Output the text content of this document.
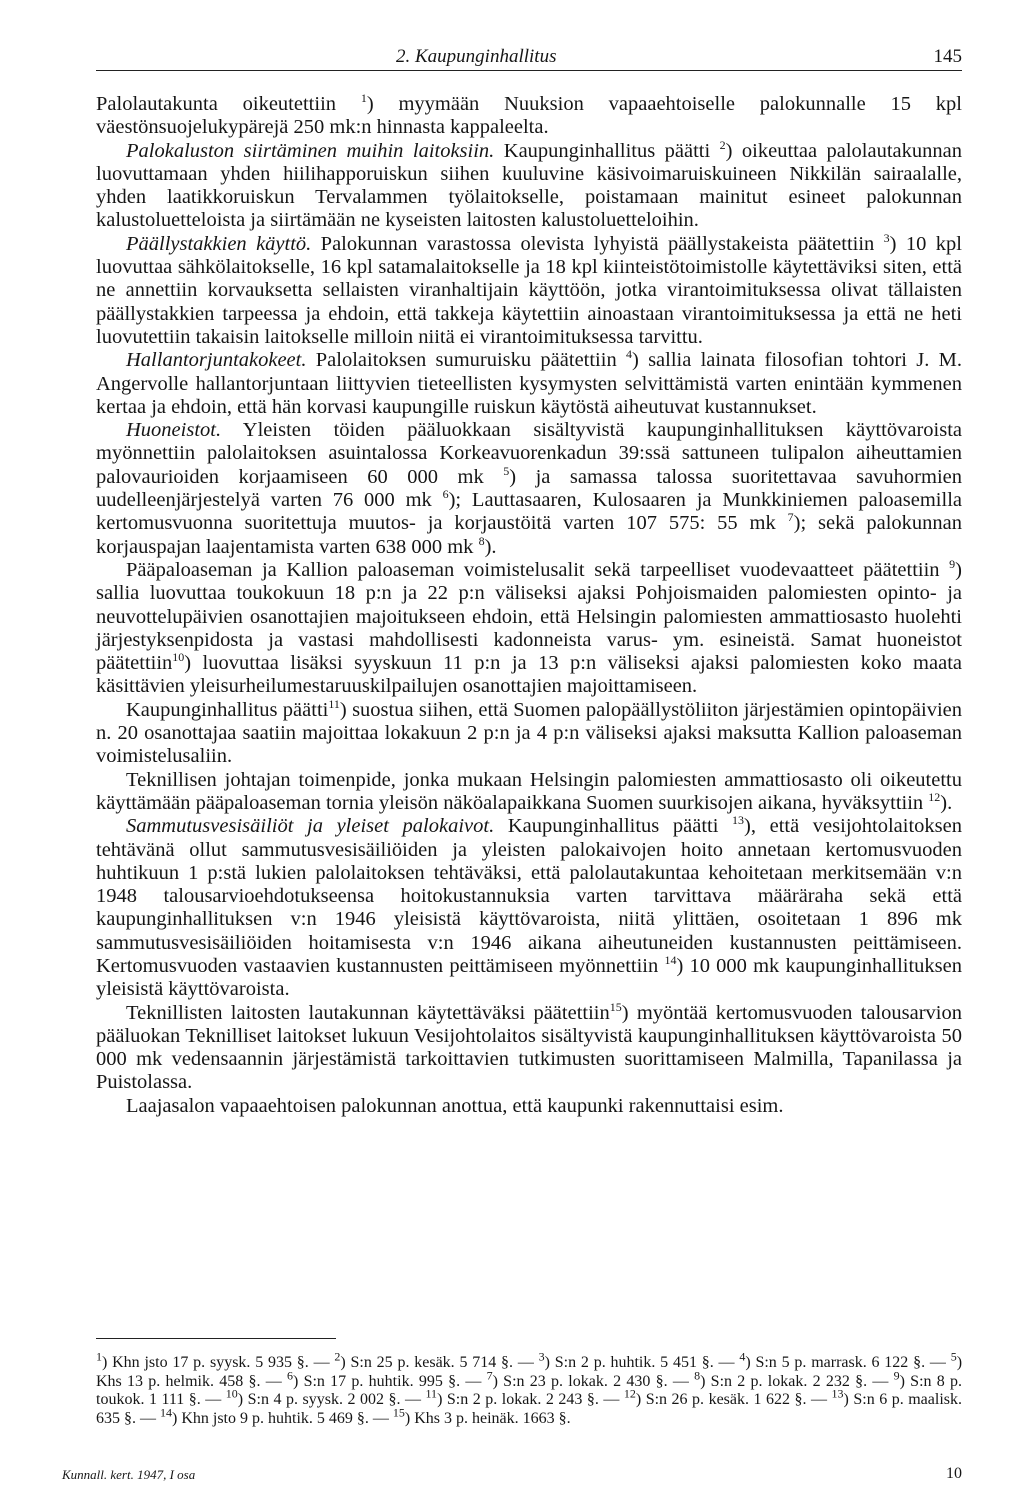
2. Kaupunginhallitus	145

Palolautakunta oikeutettiin $^1$) myymään Nuuksion vapaaehtoiselle palokunnalle 15 kpl väestönsuojelukypärejä 250 mk:n hinnasta kappaleelta.

Palokaluston siirtäminen muihin laitoksiin. Kaupunginhallitus päätti $^2$) oikeuttaa palolautakunnan luovuttamaan yhden hiilihapporuiskun siihen kuuluvine käsivoimaruiskuineen Nikkilän sairaalalle, yhden laatikkoruiskun Tervalammen työlaitokselle, poistamaan mainitut esineet palokunnan kalustoluetteloista ja siirtämään ne kyseisten laitosten kalustoluetteloihin.

Päällystakkien käyttö. Palokunnan varastossa olevista lyhyistä päällystakeista päätettiin $^3$) 10 kpl luovuttaa sähkölaitokselle, 16 kpl satamalaitokselle ja 18 kpl kiinteistötoimistolle käytettäviksi siten, että ne annettiin korvauksetta sellaisten viranhaltijain käyttöön, jotka virantoimituksessa olivat tällaisten päällystakkien tarpeessa ja ehdoin, että takkeja käytettiin ainoastaan virantoimituksessa ja että ne heti luovutettiin takaisin laitokselle milloin niitä ei virantoimituksessa tarvittu.

Hallantorjuntakokeet. Palolaitoksen sumuruisku päätettiin $^4$) sallia lainata filosofian tohtori J. M. Angervolle hallantorjuntaan liittyvien tieteellisten kysymysten selvittämistä varten enintään kymmenen kertaa ja ehdoin, että hän korvasi kaupungille ruiskun käytöstä aiheutuvat kustannukset.

Huoneistot. Yleisten töiden pääluokkaan sisältyvistä kaupunginhallituksen käyttövaroista myönnettiin palolaitoksen asuintalossa Korkeavuorenkadun 39:ssä sattuneen tulipalon aiheuttamien palovaurioiden korjaamiseen 60 000 mk $^5$) ja samassa talossa suoritettavaa savuhormien uudelleenjärjestelyä varten 76 000 mk $^6$); Lauttasaaren, Kulosaaren ja Munkkiniemen paloasemilla kertomusvuonna suoritettuja muutos- ja korjaustöitä varten 107 575: 55 mk $^7$); sekä palokunnan korjauspajan laajentamista varten 638 000 mk $^8$).

Pääpaloaseman ja Kallion paloaseman voimistelusalit sekä tarpeelliset vuodevaatteet päätettiin $^9$) sallia luovuttaa toukokuun 18 p:n ja 22 p:n väliseksi ajaksi Pohjoismaiden palomiesten opinto- ja neuvottelupäivien osanottajien majoitukseen ehdoin, että Helsingin palomiesten ammattiosasto huolehti järjestyksenpidosta ja vastasi mahdollisesti kadonneista varus- ym. esineistä. Samat huoneistot päätettiin$^{10}$) luovuttaa lisäksi syyskuun 11 p:n ja 13 p:n väliseksi ajaksi palomiesten koko maata käsittävien yleisurheilumestaruuskilpailujen osanottajien majoittamiseen.

Kaupunginhallitus päätti$^{11}$) suostua siihen, että Suomen palopäällystöliiton järjestämien opintopäivien n. 20 osanottajaa saatiin majoittaa lokakuun 2 p:n ja 4 p:n väliseksi ajaksi maksutta Kallion paloaseman voimistelusaliin.

Teknillisen johtajan toimenpide, jonka mukaan Helsingin palomiesten ammattiosasto oli oikeutettu käyttämään pääpaloaseman tornia yleisön näköalapaikkana Suomen suurkisojen aikana, hyväksyttiin $^{12}$).

Sammutusvesisäiliöt ja yleiset palokaivot. Kaupunginhallitus päätti $^{13}$), että vesijohtolaitoksen tehtävänä ollut sammutusvesisäiliöiden ja yleisten palokaivojen hoito annetaan kertomusvuoden huhtikuun 1 p:stä lukien palolaitoksen tehtäväksi, että palolautakuntaa kehoitetaan merkitsemään v:n 1948 talousarvioehdotukseensa hoitokustannuksia varten tarvittava määräraha sekä että kaupunginhallituksen v:n 1946 yleisistä käyttövaroista, niitä ylittäen, osoitetaan 1 896 mk sammutusvesisäiliöiden hoitamisesta v:n 1946 aikana aiheutuneiden kustannusten peittämiseen. Kertomusvuoden vastaavien kustannusten peittämiseen myönnettiin $^{14}$) 10 000 mk kaupunginhallituksen yleisistä käyttövaroista.

Teknillisten laitosten lautakunnan käytettäväksi päätettiin$^{15}$) myöntää kertomusvuoden talousarvion pääluokan Teknilliset laitokset lukuun Vesijohtolaitos sisältyvistä kaupunginhallituksen käyttövaroista 50 000 mk vedensaannin järjestämistä tarkoittavien tutkimusten suorittamiseen Malmilla, Tapanilassa ja Puistolassa.

Laajasalon vapaaehtoisen palokunnan anottua, että kaupunki rakennuttaisi esim.

$^1$) Khn jsto 17 p. syysk. 5 935 §. — $^2$) S:n 25 p. kesäk. 5 714 §. — $^3$) S:n 2 p. huhtik. 5 451 §. — $^4$) S:n 5 p. marrask. 6 122 §. — $^5$) Khs 13 p. helmik. 458 §. — $^6$) S:n 17 p. huhtik. 995 §. — $^7$) S:n 23 p. lokak. 2 430 §. — $^8$) S:n 2 p. lokak. 2 232 §. — $^9$) S:n 8 p. toukok. 1 111 §. — $^{10}$) S:n 4 p. syysk. 2 002 §. — $^{11}$) S:n 2 p. lokak. 2 243 §. — $^{12}$) S:n 26 p. kesäk. 1 622 §. — $^{13}$) S:n 6 p. maalisk. 635 §. — $^{14}$) Khn jsto 9 p. huhtik. 5 469 §. — $^{15}$) Khs 3 p. heinäk. 1663 §.
Kunnall. kert. 1947, I osa	10
